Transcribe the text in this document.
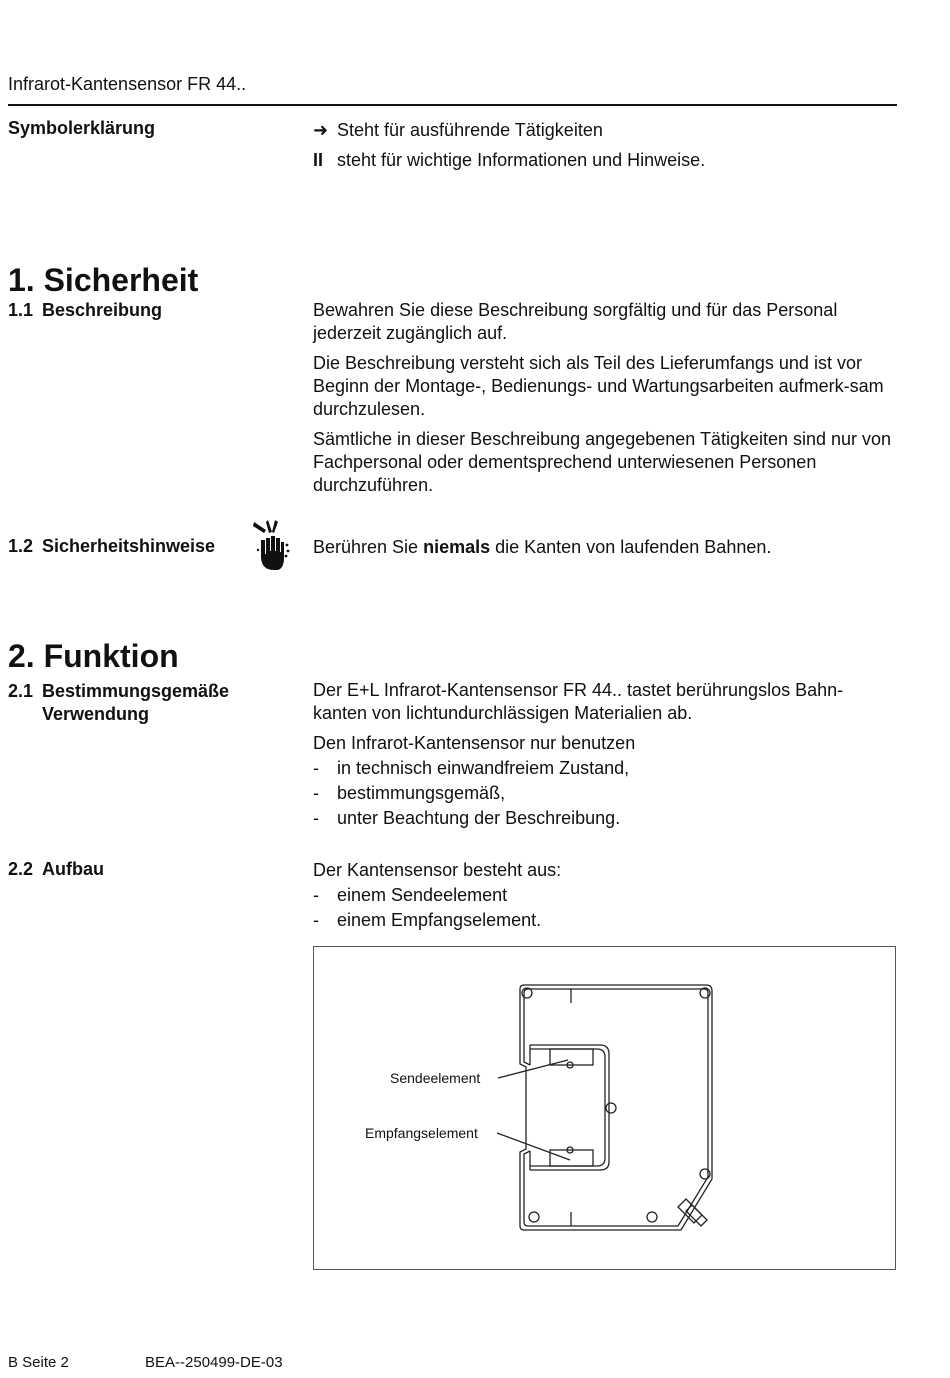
Infrarot-Kantensensor FR 44..
Symbolerklärung	➜ Steht für ausführende Tätigkeiten
II steht für wichtige Informationen und Hinweise.
1. Sicherheit
1.1 Beschreibung	Bewahren Sie diese Beschreibung sorgfältig und für das Personal jederzeit zugänglich auf.

Die Beschreibung versteht sich als Teil des Lieferumfangs und ist vor Beginn der Montage-, Bedienungs- und Wartungsarbeiten aufmerk-sam durchzulesen.

Sämtliche in dieser Beschreibung angegebenen Tätigkeiten sind nur von Fachpersonal oder dementsprechend unterwiesenen Personen durchzuführen.

1.2 Sicherheitshinweise	Berühren Sie niemals die Kanten von laufenden Bahnen.
2. Funktion
2.1 Bestimmungsgemäße
Verwendung

Der E+L Infrarot-Kantensensor FR 44.. tastet berührungslos Bahn-kanten von lichtundurchlässigen Materialien ab.

Den Infrarot-Kantensensor nur benutzen
- in technisch einwandfreiem Zustand,
- bestimmungsgemäß,
- unter Beachtung der Beschreibung.
2.2 Aufbau	Der Kantensensor besteht aus:
- einem Sendeelement
- einem Empfangselement.
Sendeelement
Empfangselement
B Seite 2	BEA--250499-DE-03
